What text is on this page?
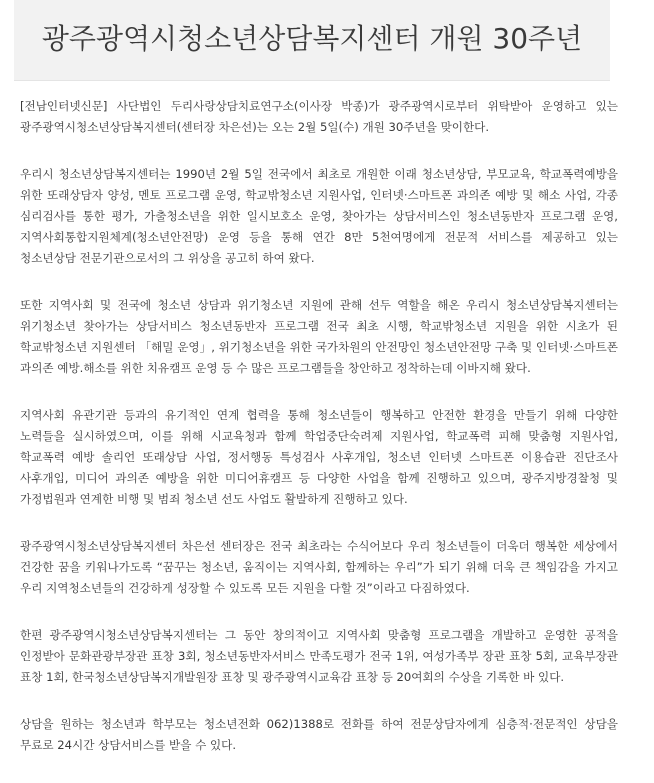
광주광역시청소년상담복지센터 개원 30주년

[전남인터넷신문] 사단법인 두리사랑상담치료연구소(이사장 박종)가 광주광역시로부터 위탁받아 운영하고 있는 광주광역시청소년상담복지센터(센터장 차은선)는 오는 2월 5일(수) 개원 30주년을 맞이한다.

우리시 청소년상담복지센터는 1990년 2월 5일 전국에서 최초로 개원한 이래 청소년상담, 부모교육, 학교폭력예방을 위한 또래상담자 양성, 멘토 프로그램 운영, 학교밖청소년 지원사업, 인터넷·스마트폰 과의존 예방 및 해소 사업, 각종 심리검사를 통한 평가, 가출청소년을 위한 일시보호소 운영, 찾아가는 상담서비스인 청소년동반자 프로그램 운영, 지역사회통합지원체계(청소년안전망) 운영 등을 통해 연간 8만 5천여명에게 전문적 서비스를 제공하고 있는 청소년상담 전문기관으로서의 그 위상을 공고히 하여 왔다.

또한 지역사회 및 전국에 청소년 상담과 위기청소년 지원에 관해 선두 역할을 해온 우리시 청소년상담복지센터는 위기청소년 찾아가는 상담서비스 청소년동반자 프로그램 전국 최초 시행, 학교밖청소년 지원을 위한 시초가 된 학교밖청소년 지원센터 「해밀 운영」, 위기청소년을 위한 국가차원의 안전망인 청소년안전망 구축 및 인터넷·스마트폰 과의존 예방.해소를 위한 치유캠프 운영 등 수 많은 프로그램들을 창안하고 정착하는데 이바지해 왔다.

지역사회 유관기관 등과의 유기적인 연계 협력을 통해 청소년들이 행복하고 안전한 환경을 만들기 위해 다양한 노력들을 실시하였으며, 이를 위해 시교육청과 함께 학업중단숙려제 지원사업, 학교폭력 피해 맞춤형 지원사업, 학교폭력 예방 솔리언 또래상담 사업, 정서행동 특성검사 사후개입, 청소년 인터넷 스마트폰 이용습관 진단조사 사후개입, 미디어 과의존 예방을 위한 미디어휴캠프 등 다양한 사업을 함께 진행하고 있으며, 광주지방경찰청 및 가정법원과 연계한 비행 및 범죄 청소년 선도 사업도 활발하게 진행하고 있다.

광주광역시청소년상담복지센터 차은선 센터장은 전국 최초라는 수식어보다 우리 청소년들이 더욱더 행복한 세상에서 건강한 꿈을 키워나가도록 “꿈꾸는 청소년, 움직이는 지역사회, 함께하는 우리”가 되기 위해 더욱 큰 책임감을 가지고 우리 지역청소년들의 건강하게 성장할 수 있도록 모든 지원을 다할 것”이라고 다짐하였다.

한편 광주광역시청소년상담복지센터는 그 동안 창의적이고 지역사회 맞춤형 프로그램을 개발하고 운영한 공적을 인정받아 문화관광부장관 표창 3회, 청소년동반자서비스 만족도평가 전국 1위, 여성가족부 장관 표창 5회, 교육부장관 표창 1회, 한국청소년상담복지개발원장 표창 및 광주광역시교육감 표창 등 20여회의 수상을 기록한 바 있다.

상담을 원하는 청소년과 학부모는 청소년전화 062)1388로 전화를 하여 전문상담자에게 심층적·전문적인 상담을 무료로 24시간 상담서비스를 받을 수 있다.
